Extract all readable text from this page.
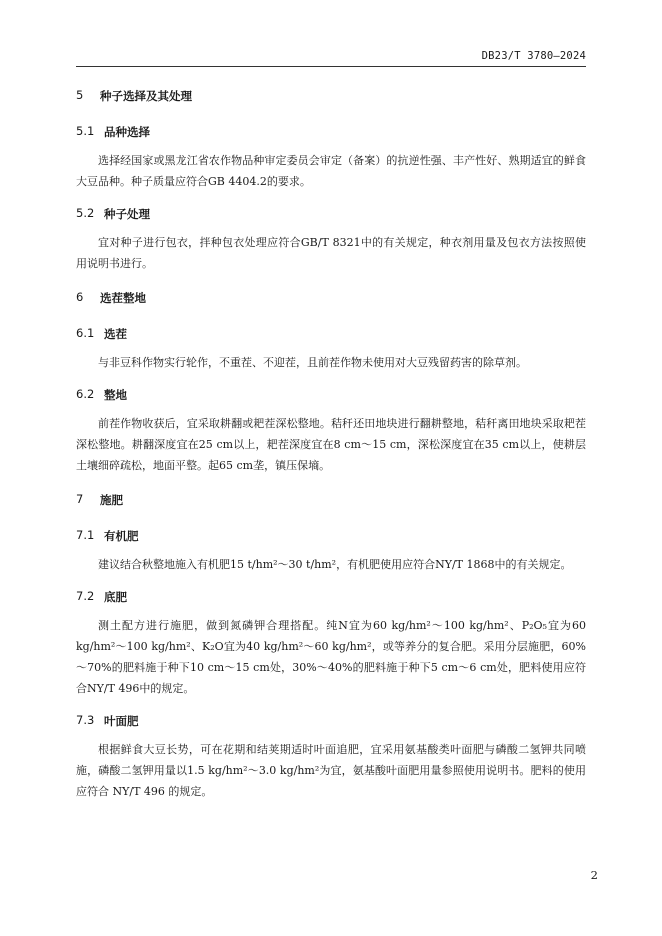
DB23/T 3780—2024
5	种子选择及其处理
5.1 品种选择

选择经国家或黑龙江省农作物品种审定委员会审定（备案）的抗逆性强、丰产性好、熟期适宜的鲜食大豆品种。种子质量应符合GB 4404.2的要求。

5.2 种子处理

宜对种子进行包衣，拌种包衣处理应符合GB/T 8321中的有关规定，种衣剂用量及包衣方法按照使用说明书进行。

6	选茬整地
6.1 选茬

与非豆科作物实行轮作，不重茬、不迎茬，且前茬作物未使用对大豆残留药害的除草剂。

6.2 整地

前茬作物收获后，宜采取耕翻或耙茬深松整地。秸秆还田地块进行翻耕整地，秸秆离田地块采取耙茬深松整地。耕翻深度宜在25 cm以上，耙茬深度宜在8 cm～15 cm，深松深度宜在35 cm以上，使耕层土壤细碎疏松，地面平整。起65 cm垄，镇压保墒。

7	施肥
7.1 有机肥

建议结合秋整地施入有机肥15 t/hm²～30 t/hm²，有机肥使用应符合NY/T 1868中的有关规定。

7.2 底肥

测土配方进行施肥，做到氮磷钾合理搭配。纯N宜为60 kg/hm²～100 kg/hm²、P₂O₅宜为60 kg/hm²～100 kg/hm²、K₂O宜为40 kg/hm²～60 kg/hm²，或等养分的复合肥。采用分层施肥，60%～70%的肥料施于种下10 cm～15 cm处，30%～40%的肥料施于种下5 cm～6 cm处，肥料使用应符合NY/T 496中的规定。

7.3 叶面肥

根据鲜食大豆长势，可在花期和结荚期适时叶面追肥，宜采用氨基酸类叶面肥与磷酸二氢钾共同喷施，磷酸二氢钾用量以1.5 kg/hm²～3.0 kg/hm²为宜，氨基酸叶面肥用量参照使用说明书。肥料的使用应符合 NY/T 496 的规定。

2
